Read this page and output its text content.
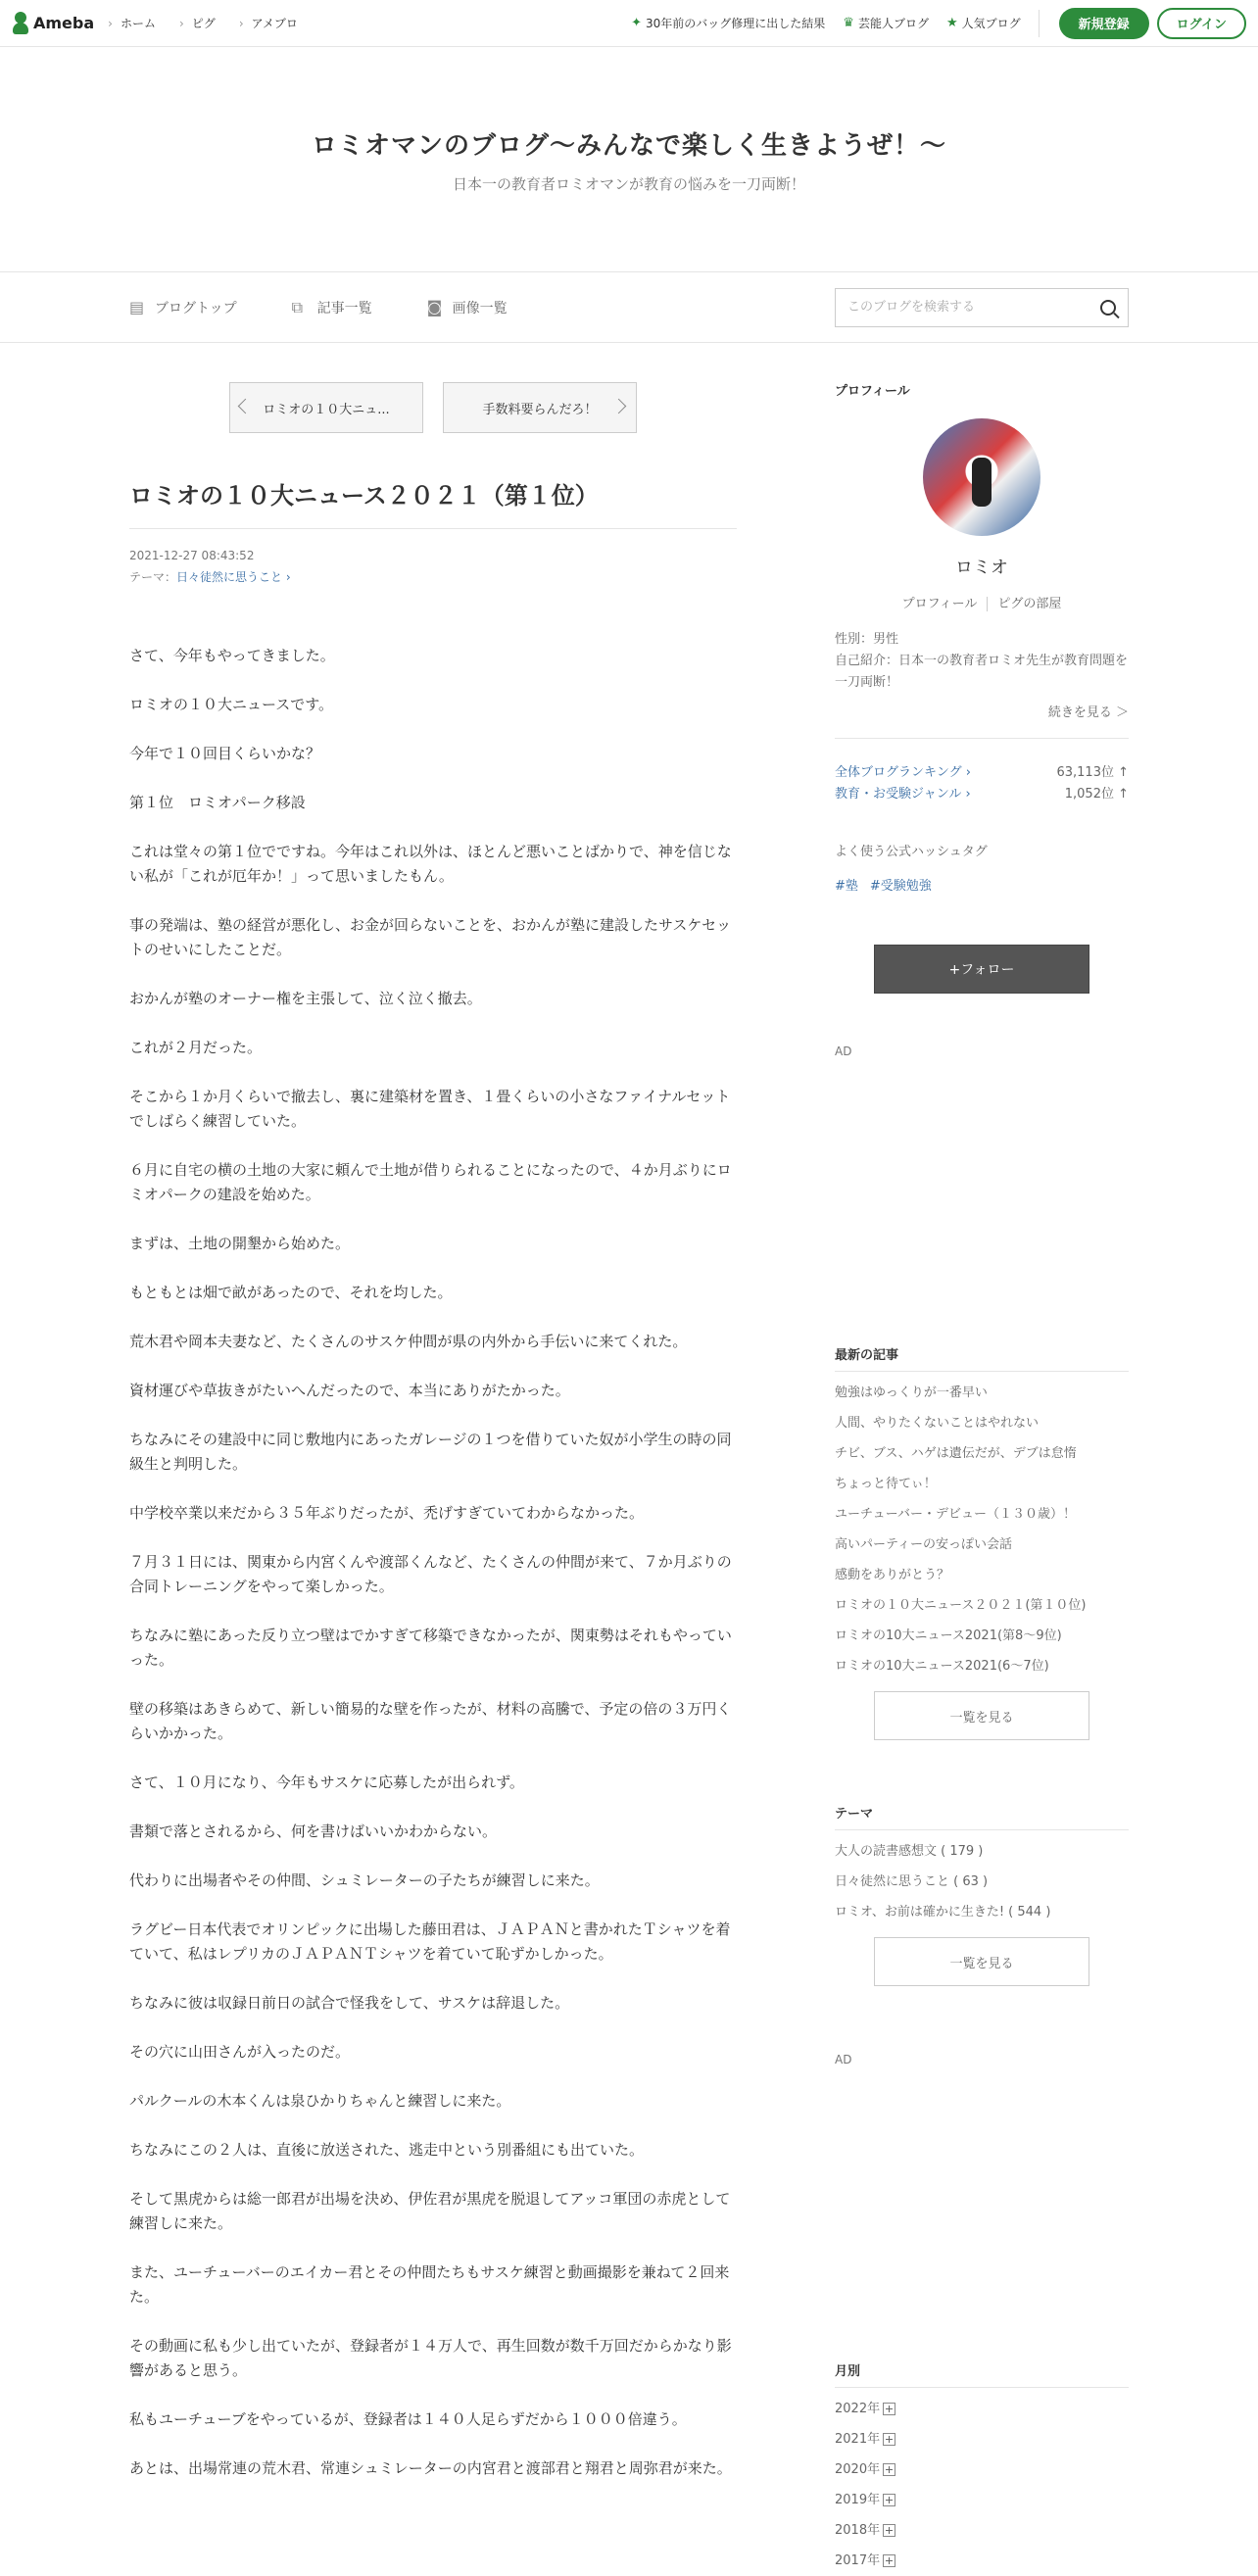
Ameba	› ホーム	› ピグ	› アメブロ	✦ 30年前のバッグ修理に出した結果 ♛ 芸能人ブログ ★ 人気ブログ	新規登録	ログイン
ロミオマンのブログ～みんなで楽しく生きようぜ！～

日本一の教育者ロミオマンが教育の悩みを一刀両断！

▤ ブログトップ	⧉	記事一覧	◙ 画像一覧
このブログを検索する
ロミオの１０大ニュ...	手数料要らんだろ！
ロミオの１０大ニュース２０２１（第１位）
2021-12-27 08:43:52
テーマ：日々徒然に思うこと ›

さて、今年もやってきました。

ロミオの１０大ニュースです。

今年で１０回目くらいかな？

第１位　ロミオパーク移設

これは堂々の第１位でですね。今年はこれ以外は、ほとんど悪いことばかりで、神を信じない私が「これが厄年か！」って思いましたもん。

事の発端は、塾の経営が悪化し、お金が回らないことを、おかんが塾に建設したサスケセットのせいにしたことだ。

おかんが塾のオーナー権を主張して、泣く泣く撤去。

これが２月だった。

そこから１か月くらいで撤去し、裏に建築材を置き、１畳くらいの小さなファイナルセットでしばらく練習していた。

６月に自宅の横の土地の大家に頼んで土地が借りられることになったので、４か月ぶりにロミオパークの建設を始めた。

まずは、土地の開墾から始めた。

もともとは畑で畝があったので、それを均した。

荒木君や岡本夫妻など、たくさんのサスケ仲間が県の内外から手伝いに来てくれた。

資材運びや草抜きがたいへんだったので、本当にありがたかった。

ちなみにその建設中に同じ敷地内にあったガレージの１つを借りていた奴が小学生の時の同級生と判明した。

中学校卒業以来だから３５年ぶりだったが、禿げすぎていてわからなかった。

７月３１日には、関東から内宮くんや渡部くんなど、たくさんの仲間が来て、７か月ぶりの合同トレーニングをやって楽しかった。

ちなみに塾にあった反り立つ壁はでかすぎて移築できなかったが、関東勢はそれもやっていった。

壁の移築はあきらめて、新しい簡易的な壁を作ったが、材料の高騰で、予定の倍の３万円くらいかかった。

さて、１０月になり、今年もサスケに応募したが出られず。

書類で落とされるから、何を書けばいいかわからない。

代わりに出場者やその仲間、シュミレーターの子たちが練習しに来た。

ラグビー日本代表でオリンピックに出場した藤田君は、ＪＡＰＡＮと書かれたＴシャツを着ていて、私はレプリカのＪＡＰＡＮＴシャツを着ていて恥ずかしかった。

ちなみに彼は収録日前日の試合で怪我をして、サスケは辞退した。

その穴に山田さんが入ったのだ。

パルクールの木本くんは泉ひかりちゃんと練習しに来た。

ちなみにこの２人は、直後に放送された、逃走中という別番組にも出ていた。

そして黒虎からは総一郎君が出場を決め、伊佐君が黒虎を脱退してアッコ軍団の赤虎として練習しに来た。

また、ユーチューバーのエイカー君とその仲間たちもサスケ練習と動画撮影を兼ねて２回来た。

その動画に私も少し出ていたが、登録者が１４万人で、再生回数が数千万回だからかなり影響があると思う。

私もユーチューブをやっているが、登録者は１４０人足らずだから１０００倍違う。

あとは、出場常連の荒木君、常連シュミレーターの内宮君と渡部君と翔君と周弥君が来た。

プロフィール
ロミオ
プロフィール ピグの部屋
性別：男性
自己紹介：日本一の教育者ロミオ先生が教育問題を一刀両断！
続きを見る ＞
全体ブログランキング ›	63,113位 ↑
教育・お受験ジャンル ›	1,052位 ↑
よく使う公式ハッシュタグ
#塾 #受験勉強
+フォロー
AD
最新の記事
勉強はゆっくりが一番早い
人間、やりたくないことはやれない
チビ、ブス、ハゲは遺伝だが、デブは怠惰
ちょっと待てぃ！
ユーチューバー・デビュー（１３０歳）！
高いパーティーの安っぽい会話
感動をありがとう？
ロミオの１０大ニュース２０２１(第１０位)
ロミオの10大ニュース2021(第8～9位)
ロミオの10大ニュース2021(6～7位)
一覧を見る
テーマ
大人の読書感想文 ( 179 )
日々徒然に思うこと ( 63 )
ロミオ、お前は確かに生きた! ( 544 )
一覧を見る
AD
月別
2022年
2021年
2020年
2019年
2018年
2017年
